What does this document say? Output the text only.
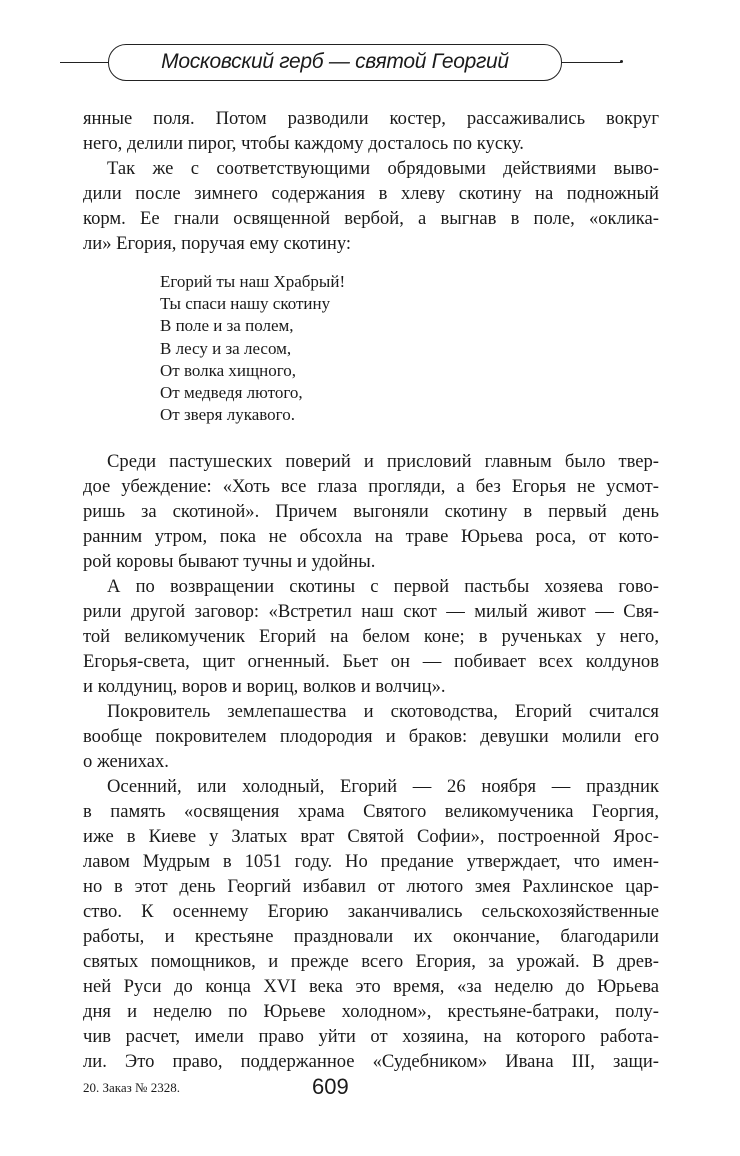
Московский герб — святой Георгий
янные поля. Потом разводили костер, рассаживались вокруг
него, делили пирог, чтобы каждому досталось по куску.
Так же с соответствующими обрядовыми действиями выво-
дили после зимнего содержания в хлеву скотину на подножный
корм. Ее гнали освященной вербой, а выгнав в поле, «оклика-
ли» Егория, поручая ему скотину:
Егорий ты наш Храбрый!
Ты спаси нашу скотину
В поле и за полем,
В лесу и за лесом,
От волка хищного,
От медведя лютого,
От зверя лукавого.
Среди пастушеских поверий и присловий главным было твер-
дое убеждение: «Хоть все глаза прогляди, а без Егорья не усмот-
ришь за скотиной». Причем выгоняли скотину в первый день
ранним утром, пока не обсохла на траве Юрьева роса, от кото-
рой коровы бывают тучны и удойны.
А по возвращении скотины с первой пастьбы хозяева гово-
рили другой заговор: «Встретил наш скот — милый живот — Свя-
той великомученик Егорий на белом коне; в рученьках у него,
Егорья-света, щит огненный. Бьет он — побивает всех колдунов
и колдуниц, воров и вориц, волков и волчиц».
Покровитель землепашества и скотоводства, Егорий считался
вообще покровителем плодородия и браков: девушки молили его
о женихах.
Осенний, или холодный, Егорий — 26 ноября — праздник
в память «освящения храма Святого великомученика Георгия,
иже в Киеве у Златых врат Святой Софии», построенной Ярос-
лавом Мудрым в 1051 году. Но предание утверждает, что имен-
но в этот день Георгий избавил от лютого змея Рахлинское цар-
ство. К осеннему Егорию заканчивались сельскохозяйственные
работы, и крестьяне праздновали их окончание, благодарили
святых помощников, и прежде всего Егория, за урожай. В древ-
ней Руси до конца XVI века это время, «за неделю до Юрьева
дня и неделю по Юрьеве холодном», крестьяне-батраки, полу-
чив расчет, имели право уйти от хозяина, на которого работа-
ли. Это право, поддержанное «Судебником» Ивана III, защи-
20. Заказ № 2328.	609
